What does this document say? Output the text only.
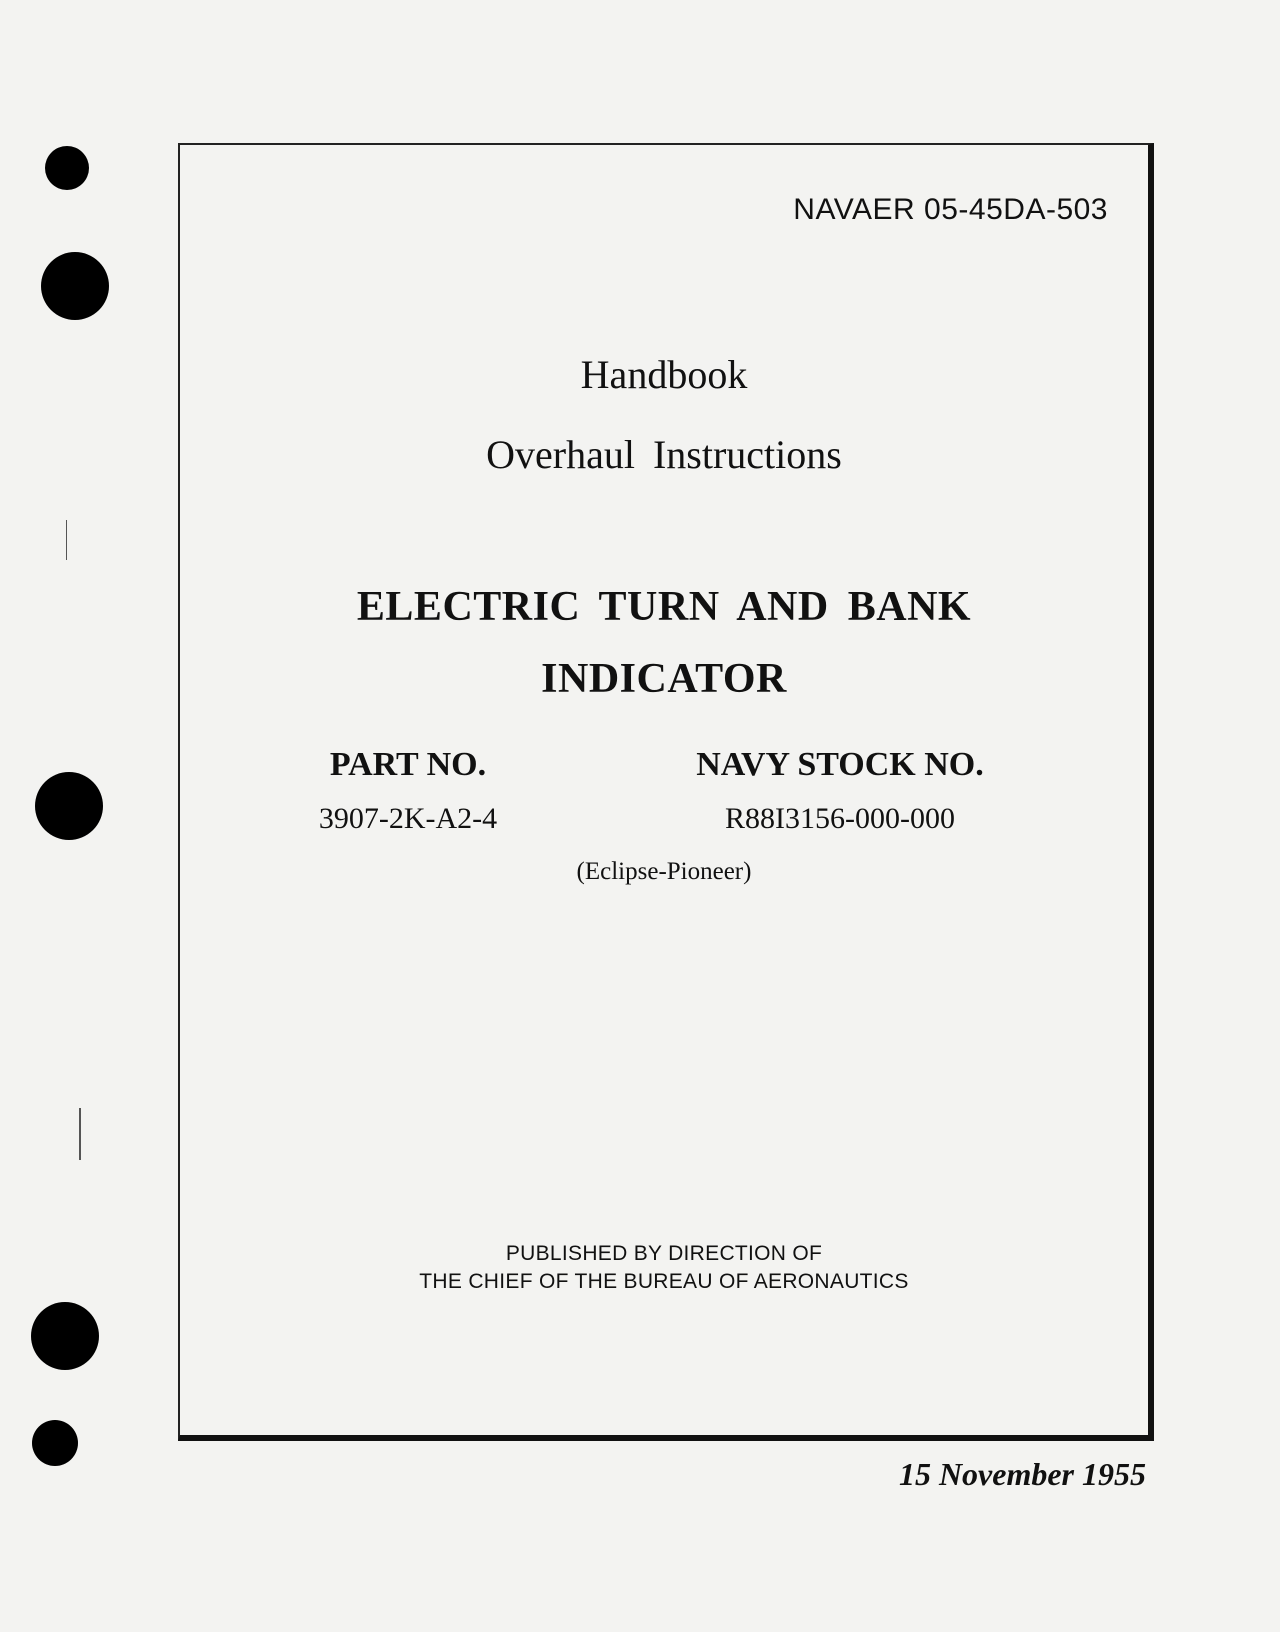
NAVAER 05-45DA-503
Handbook
Overhaul Instructions
ELECTRIC TURN AND BANK
INDICATOR
PART NO.
3907-2K-A2-4
NAVY STOCK NO.
R88I3156-000-000
(Eclipse-Pioneer)
PUBLISHED BY DIRECTION OF
THE CHIEF OF THE BUREAU OF AERONAUTICS
15 November 1955
